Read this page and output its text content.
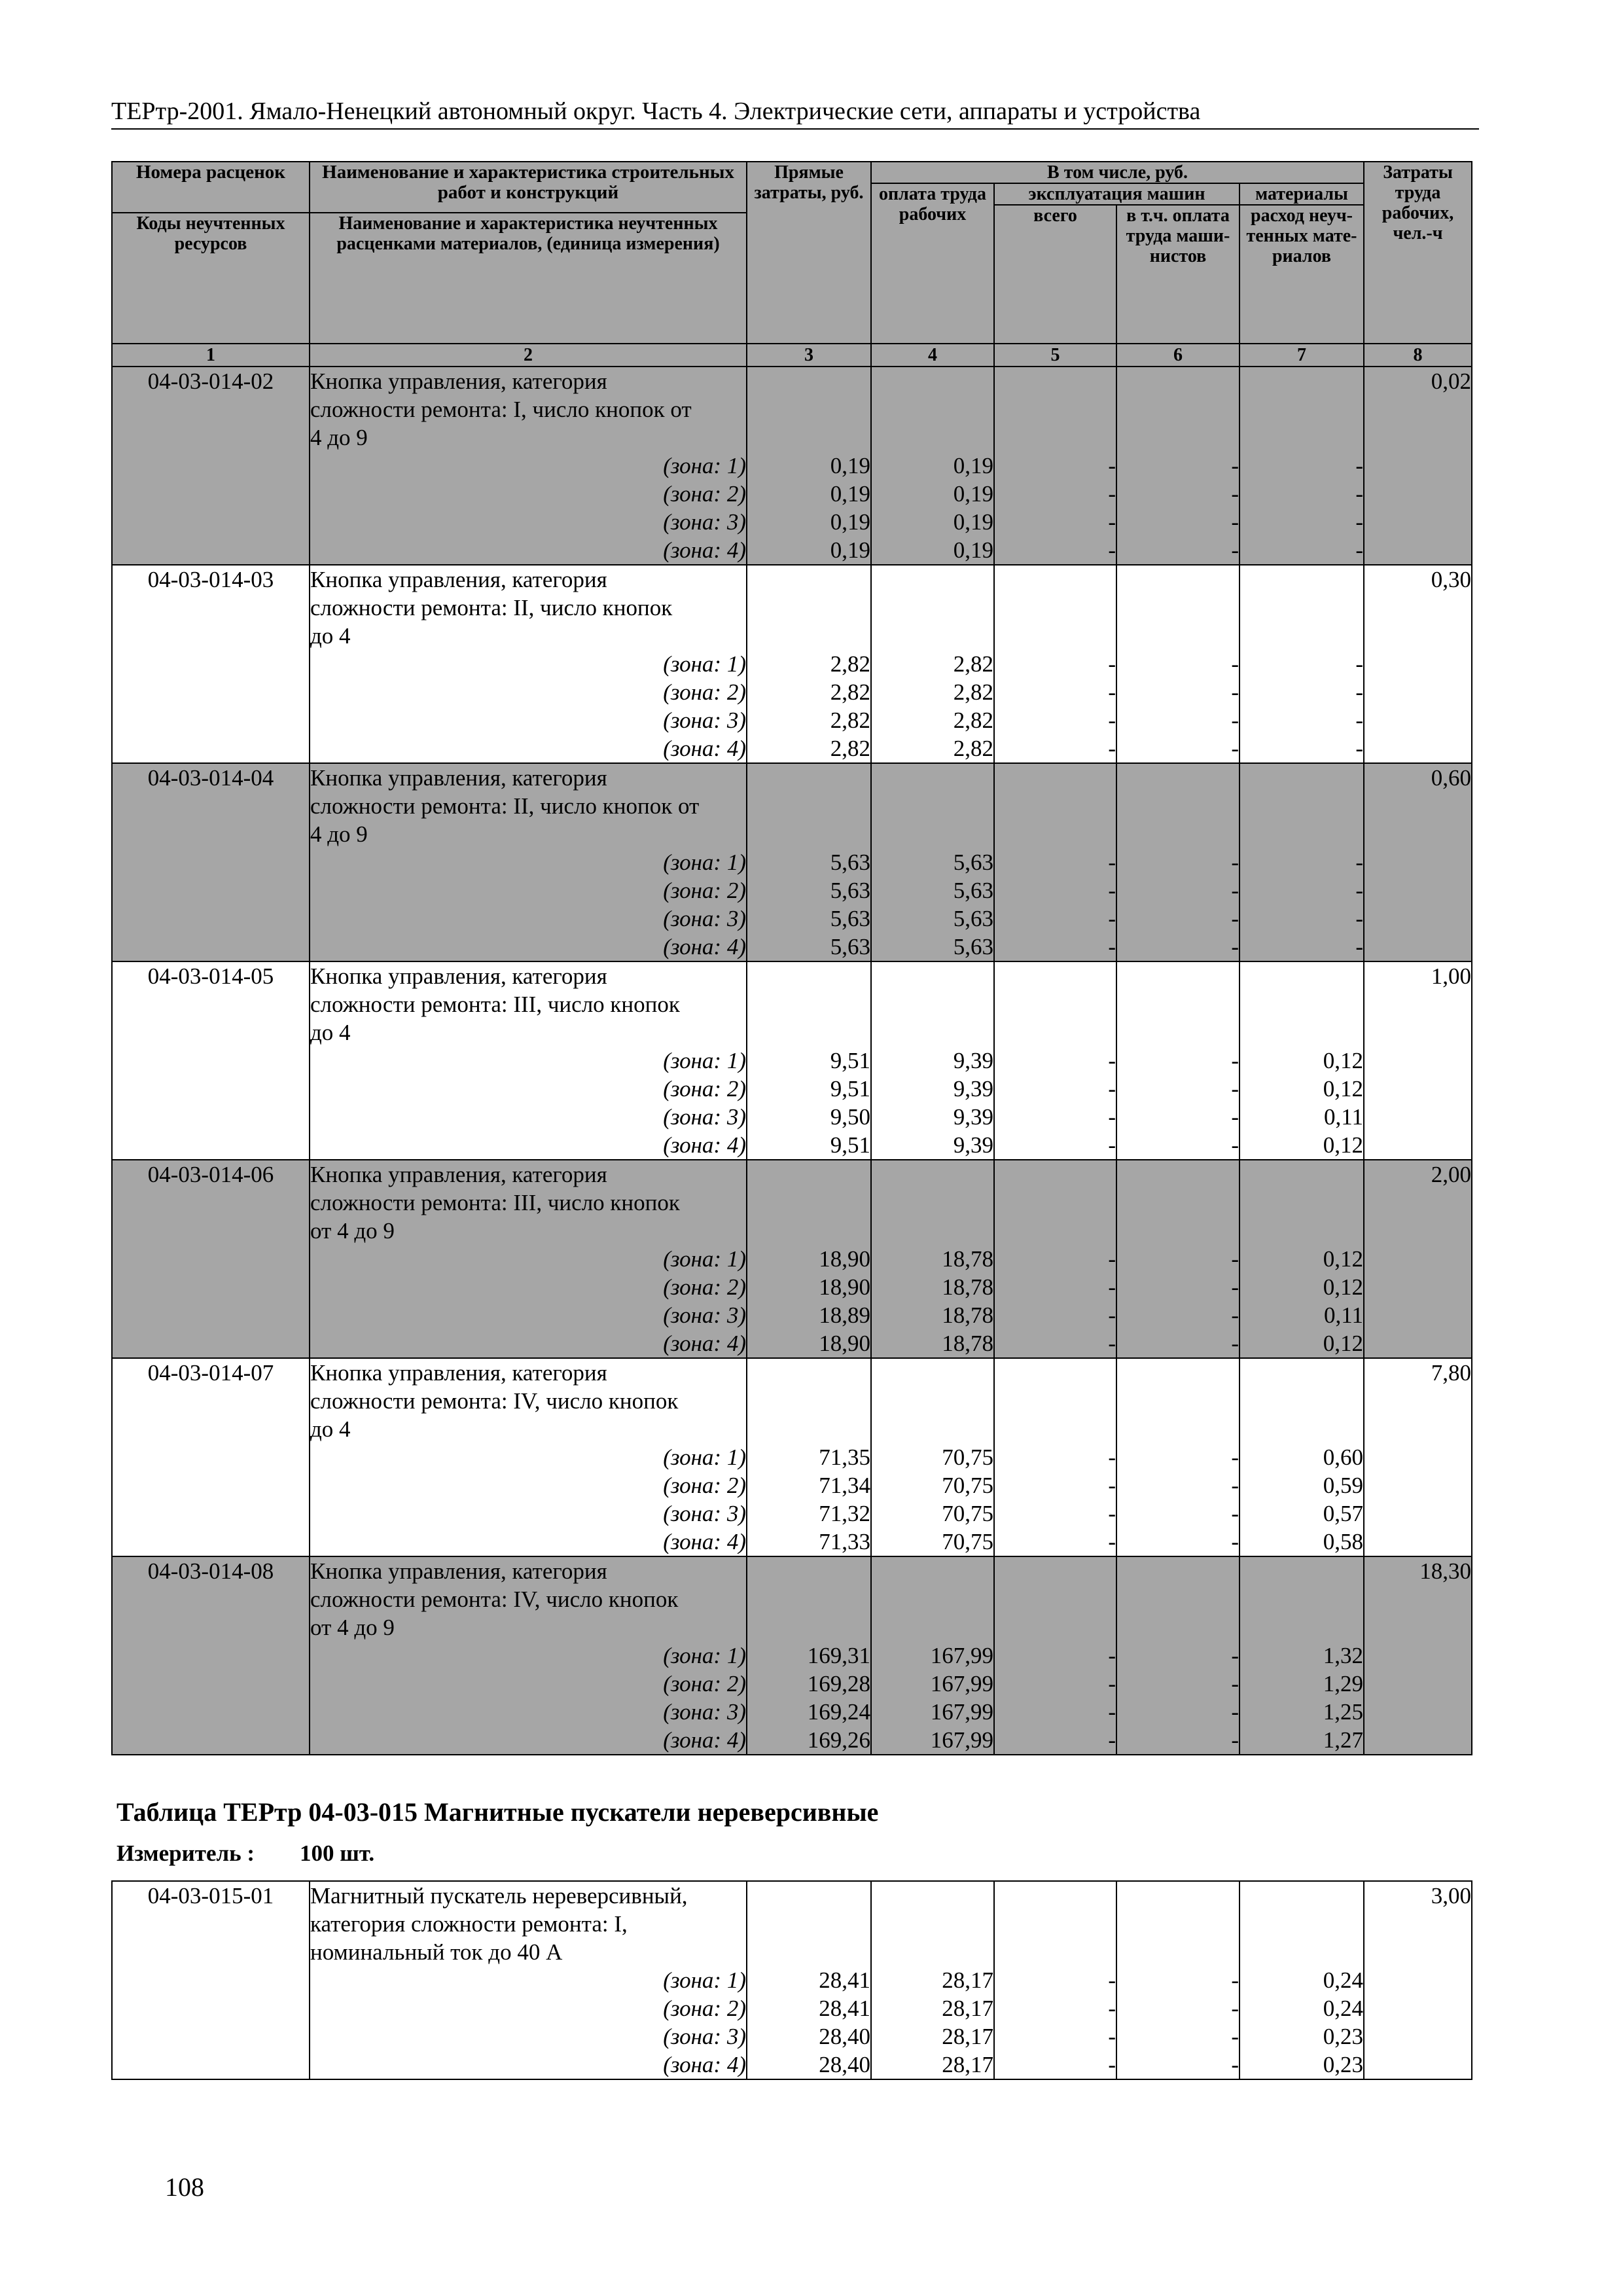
ТЕРтр-2001. Ямало-Ненецкий автономный округ. Часть 4. Электрические сети, аппараты и устройства
Номера расценок	Наименование и характеристика строительных работ и конструкций	Прямые затраты, руб.	В том числе, руб.				Затраты труда рабочих, чел.-ч
			оплата труда рабочих	эксплуатация машин		материалы	
				всего	в т.ч. оплата труда маши-нистов	расход неуч-тенных мате-риалов	
Коды неучтенных ресурсов	Наименование и характеристика неучтенных расценками материалов, (единица измерения)						

1	2	3	4	5	6	7	8
04-03-014-02	Кнопка управления, категория						0,02
	сложности ремонта: I, число кнопок от						
	4 до 9						
	(зона: 1)	0,19	0,19	-	-	-	
	(зона: 2)	0,19	0,19	-	-	-	
	(зона: 3)	0,19	0,19	-	-	-	
	(зона: 4)	0,19	0,19	-	-	-	
04-03-014-03	Кнопка управления, категория						0,30
	сложности ремонта: II, число кнопок						
	до 4						
	(зона: 1)	2,82	2,82	-	-	-	
	(зона: 2)	2,82	2,82	-	-	-	
	(зона: 3)	2,82	2,82	-	-	-	
	(зона: 4)	2,82	2,82	-	-	-	
04-03-014-04	Кнопка управления, категория						0,60
	сложности ремонта: II, число кнопок от						
	4 до 9						
	(зона: 1)	5,63	5,63	-	-	-	
	(зона: 2)	5,63	5,63	-	-	-	
	(зона: 3)	5,63	5,63	-	-	-	
	(зона: 4)	5,63	5,63	-	-	-	
04-03-014-05	Кнопка управления, категория						1,00
	сложности ремонта: III, число кнопок						
	до 4						
	(зона: 1)	9,51	9,39	-	-	0,12	
	(зона: 2)	9,51	9,39	-	-	0,12	
	(зона: 3)	9,50	9,39	-	-	0,11	
	(зона: 4)	9,51	9,39	-	-	0,12	
04-03-014-06	Кнопка управления, категория						2,00
	сложности ремонта: III, число кнопок						
	от 4 до 9						
	(зона: 1)	18,90	18,78	-	-	0,12	
	(зона: 2)	18,90	18,78	-	-	0,12	
	(зона: 3)	18,89	18,78	-	-	0,11	
	(зона: 4)	18,90	18,78	-	-	0,12	
04-03-014-07	Кнопка управления, категория						7,80
	сложности ремонта: IV, число кнопок						
	до 4						
	(зона: 1)	71,35	70,75	-	-	0,60	
	(зона: 2)	71,34	70,75	-	-	0,59	
	(зона: 3)	71,32	70,75	-	-	0,57	
	(зона: 4)	71,33	70,75	-	-	0,58	
04-03-014-08	Кнопка управления, категория						18,30
	сложности ремонта: IV, число кнопок						
	от 4 до 9						
	(зона: 1)	169,31	167,99	-	-	1,32	
	(зона: 2)	169,28	167,99	-	-	1,29	
	(зона: 3)	169,24	167,99	-	-	1,25	
	(зона: 4)	169,26	167,99	-	-	1,27	
Таблица ТЕРтр 04-03-015 Магнитные пускатели нереверсивные
Измеритель : 100 шт.
04-03-015-01	Магнитный пускатель нереверсивный,						3,00
	категория сложности ремонта: I,						
	номинальный ток до 40 А						
	(зона: 1)	28,41	28,17	-	-	0,24	
	(зона: 2)	28,41	28,17	-	-	0,24	
	(зона: 3)	28,40	28,17	-	-	0,23	
	(зона: 4)	28,40	28,17	-	-	0,23	
108
